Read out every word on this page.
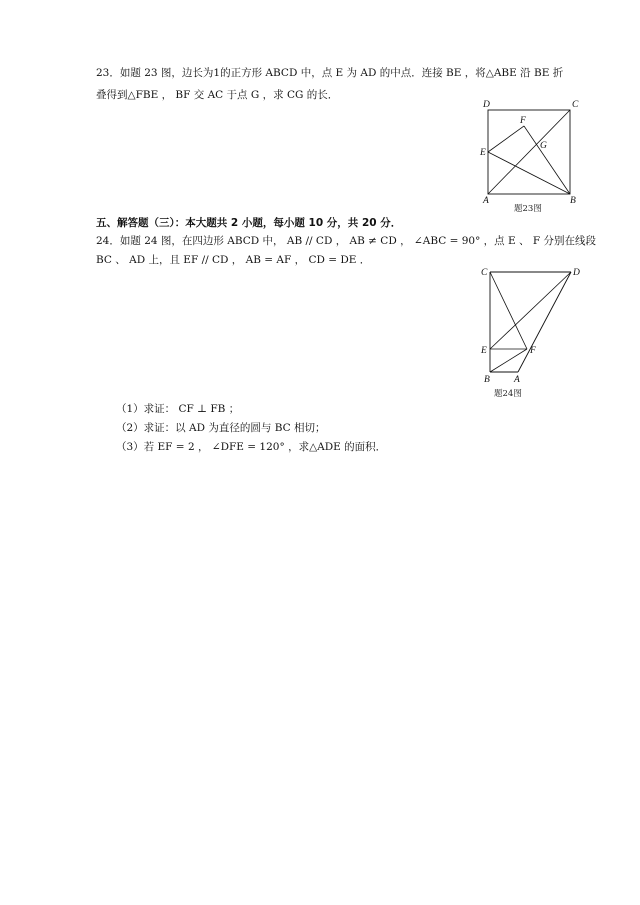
23．如题 23 图，边长为1的正方形 ABCD 中，点 E 为 AD 的中点．连接 BE ，将△ABE 沿 BE 折
叠得到△FBE ， BF 交 AC 于点 G ，求 CG 的长．
D	C
F
E
G
A	B
题23图
五、解答题（三）：本大题共 2 小题，每小题 10 分，共 20 分．
24．如题 24 图，在四边形 ABCD 中， AB // CD ， AB ≠ CD ， ∠ABC = 90° ，点 E 、 F 分别在线段
BC 、 AD 上，且 EF // CD ， AB = AF ， CD = DE ．
C	D
E	F
B	A
题24图
（1）求证： CF ⊥ FB ；
（2）求证：以 AD 为直径的圆与 BC 相切；
（3）若 EF = 2 ， ∠DFE = 120° ，求△ADE 的面积．
